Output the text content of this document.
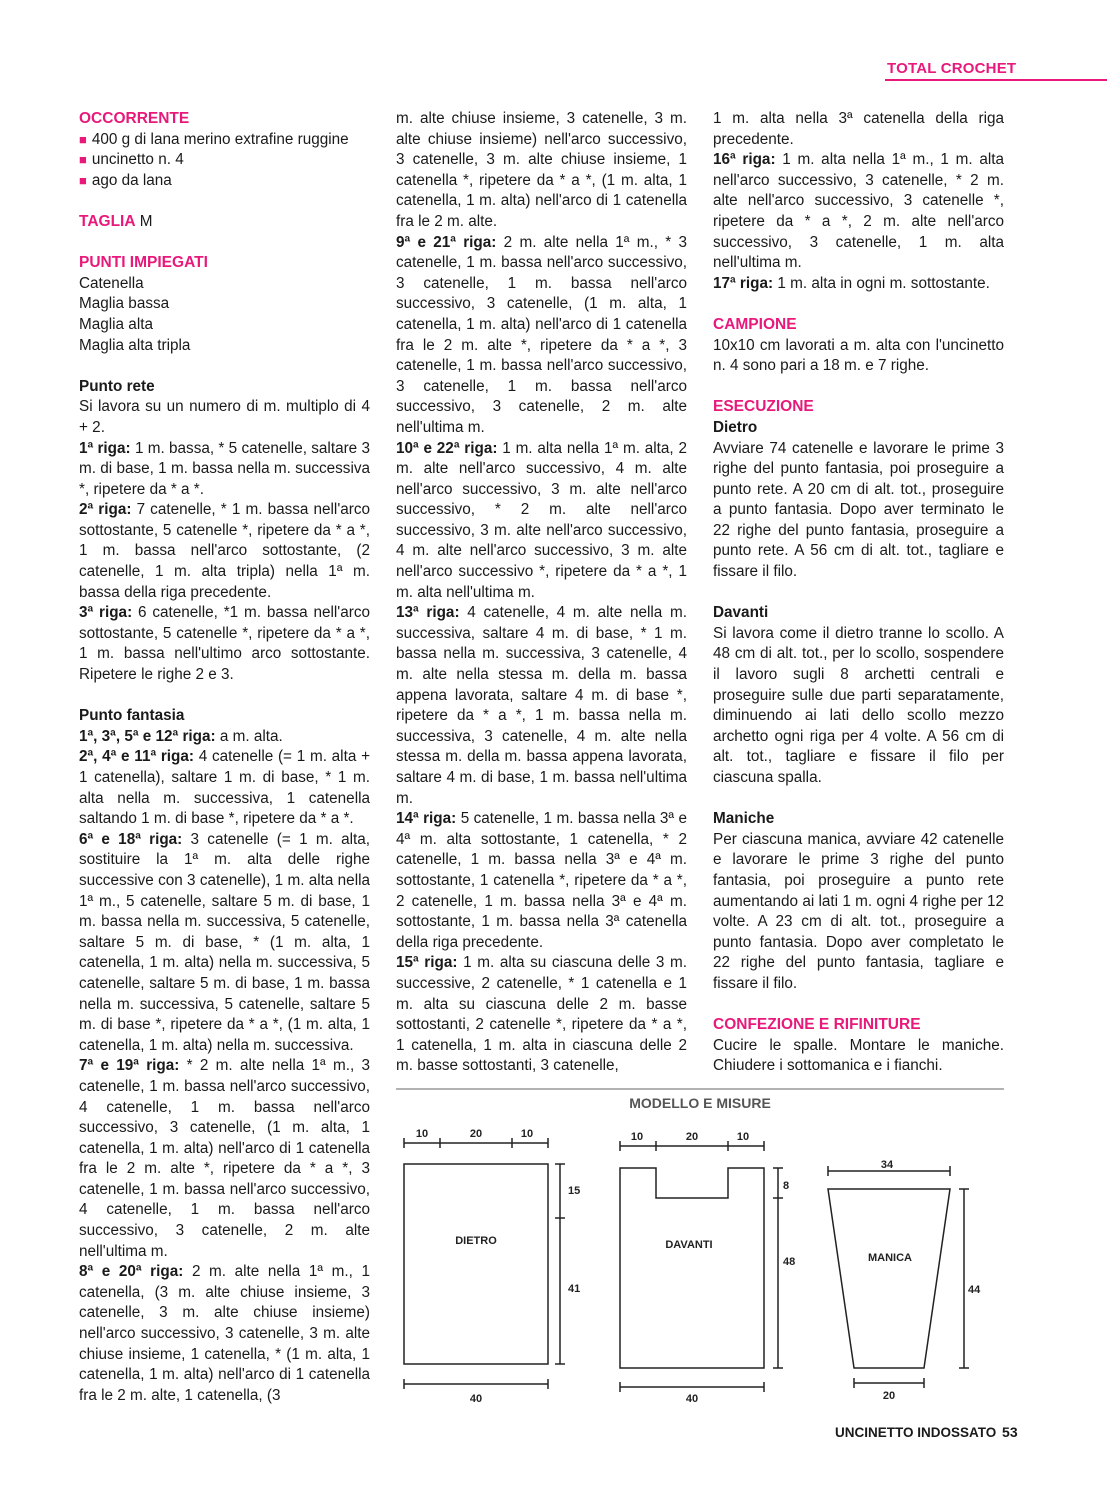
TOTAL CROCHET

OCCORRENTE

■ 400 g di lana merino extrafine ruggine

■ uncinetto n. 4

■ ago da lana

TAGLIA M

PUNTI IMPIEGATI

Catenella

Maglia bassa

Maglia alta

Maglia alta tripla

Punto rete

Si lavora su un numero di m. multiplo di 4 + 2.

1ª riga: 1 m. bassa, * 5 catenelle, saltare 3 m. di base, 1 m. bassa nella m. successiva *, ripetere da * a *.

2ª riga: 7 catenelle, * 1 m. bassa nell'arco sottostante, 5 catenelle *, ripetere da * a *, 1 m. bassa nell'arco sottostante, (2 catenelle, 1 m. alta tripla) nella 1ª m. bassa della riga precedente.

3ª riga: 6 catenelle, *1 m. bassa nell'arco sottostante, 5 catenelle *, ripetere da * a *, 1 m. bassa nell'ultimo arco sottostante. Ripetere le righe 2 e 3.

Punto fantasia

1ª, 3ª, 5ª e 12ª riga: a m. alta.

2ª, 4ª e 11ª riga: 4 catenelle (= 1 m. alta + 1 catenella), saltare 1 m. di base, * 1 m. alta nella m. successiva, 1 catenella saltando 1 m. di base *, ripetere da * a *.

6ª e 18ª riga: 3 catenelle (= 1 m. alta, sostituire la 1ª m. alta delle righe successive con 3 catenelle), 1 m. alta nella 1ª m., 5 catenelle, saltare 5 m. di base, 1 m. bassa nella m. successiva, 5 catenelle, saltare 5 m. di base, * (1 m. alta, 1 catenella, 1 m. alta) nella m. successiva, 5 catenelle, saltare 5 m. di base, 1 m. bassa nella m. successiva, 5 catenelle, saltare 5 m. di base *, ripetere da * a *, (1 m. alta, 1 catenella, 1 m. alta) nella m. successiva.

7ª e 19ª riga: * 2 m. alte nella 1ª m., 3 catenelle, 1 m. bassa nell'arco successivo, 4 catenelle, 1 m. bassa nell'arco successivo, 3 catenelle, (1 m. alta, 1 catenella, 1 m. alta) nell'arco di 1 catenella fra le 2 m. alte *, ripetere da * a *, 3 catenelle, 1 m. bassa nell'arco successivo, 4 catenelle, 1 m. bassa nell'arco successivo, 3 catenelle, 2 m. alte nell'ultima m.

8ª e 20ª riga: 2 m. alte nella 1ª m., 1 catenella, (3 m. alte chiuse insieme, 3 catenelle, 3 m. alte chiuse insieme) nell'arco successivo, 3 catenelle, 3 m. alte chiuse insieme, 1 catenella, * (1 m. alta, 1 catenella, 1 m. alta) nell'arco di 1 catenella fra le 2 m. alte, 1 catenella, (3

m. alte chiuse insieme, 3 catenelle, 3 m. alte chiuse insieme) nell'arco successivo, 3 catenelle, 3 m. alte chiuse insieme, 1 catenella *, ripetere da * a *, (1 m. alta, 1 catenella, 1 m. alta) nell'arco di 1 catenella fra le 2 m. alte.

9ª e 21ª riga: 2 m. alte nella 1ª m., * 3 catenelle, 1 m. bassa nell'arco successivo, 3 catenelle, 1 m. bassa nell'arco successivo, 3 catenelle, (1 m. alta, 1 catenella, 1 m. alta) nell'arco di 1 catenella fra le 2 m. alte *, ripetere da * a *, 3 catenelle, 1 m. bassa nell'arco successivo, 3 catenelle, 1 m. bassa nell'arco successivo, 3 catenelle, 2 m. alte nell'ultima m.

10ª e 22ª riga: 1 m. alta nella 1ª m. alta, 2 m. alte nell'arco successivo, 4 m. alte nell'arco successivo, 3 m. alte nell'arco successivo, * 2 m. alte nell'arco successivo, 3 m. alte nell'arco successivo, 4 m. alte nell'arco successivo, 3 m. alte nell'arco successivo *, ripetere da * a *, 1 m. alta nell'ultima m.

13ª riga: 4 catenelle, 4 m. alte nella m. successiva, saltare 4 m. di base, * 1 m. bassa nella m. successiva, 3 catenelle, 4 m. alte nella stessa m. della m. bassa appena lavorata, saltare 4 m. di base *, ripetere da * a *, 1 m. bassa nella m. successiva, 3 catenelle, 4 m. alte nella stessa m. della m. bassa appena lavorata, saltare 4 m. di base, 1 m. bassa nell'ultima m.

14ª riga: 5 catenelle, 1 m. bassa nella 3ª e 4ª m. alta sottostante, 1 catenella, * 2 catenelle, 1 m. bassa nella 3ª e 4ª m. sottostante, 1 catenella *, ripetere da * a *, 2 catenelle, 1 m. bassa nella 3ª e 4ª m. sottostante, 1 m. bassa nella 3ª catenella della riga precedente.

15ª riga: 1 m. alta su ciascuna delle 3 m. successive, 2 catenelle, * 1 catenella e 1 m. alta su ciascuna delle 2 m. basse sottostanti, 2 catenelle *, ripetere da * a *, 1 catenella, 1 m. alta in ciascuna delle 2 m. basse sottostanti, 3 catenelle,

1 m. alta nella 3ª catenella della riga precedente.

16ª riga: 1 m. alta nella 1ª m., 1 m. alta nell'arco successivo, 3 catenelle, * 2 m. alte nell'arco successivo, 3 catenelle *, ripetere da * a *, 2 m. alte nell'arco successivo, 3 catenelle, 1 m. alta nell'ultima m.

17ª riga: 1 m. alta in ogni m. sottostante.

CAMPIONE

10x10 cm lavorati a m. alta con l'uncinetto n. 4 sono pari a 18 m. e 7 righe.

ESECUZIONE

Dietro

Avviare 74 catenelle e lavorare le prime 3 righe del punto fantasia, poi proseguire a punto rete. A 20 cm di alt. tot., proseguire a punto fantasia. Dopo aver terminato le 22 righe del punto fantasia, proseguire a punto rete. A 56 cm di alt. tot., tagliare e fissare il filo.

Davanti

Si lavora come il dietro tranne lo scollo. A 48 cm di alt. tot., per lo scollo, sospendere il lavoro sugli 8 archetti centrali e proseguire sulle due parti separatamente, diminuendo ai lati dello scollo mezzo archetto ogni riga per 4 volte. A 56 cm di alt. tot., tagliare e fissare il filo per ciascuna spalla.

Maniche

Per ciascuna manica, avviare 42 catenelle e lavorare le prime 3 righe del punto fantasia, poi proseguire a punto rete aumentando ai lati 1 m. ogni 4 righe per 12 volte. A 23 cm di alt. tot., proseguire a punto fantasia. Dopo aver completato le 22 righe del punto fantasia, tagliare e fissare il filo.

CONFEZIONE E RIFINITURE

Cucire le spalle. Montare le maniche. Chiudere i sottomanica e i fianchi.

10	20	10
15
41
40
DIETRO
10	20	10
8
48
40
DAVANTI
34
44
20
MANICA
MODELLO E MISURE
UNCINETTO INDOSSATO 53
